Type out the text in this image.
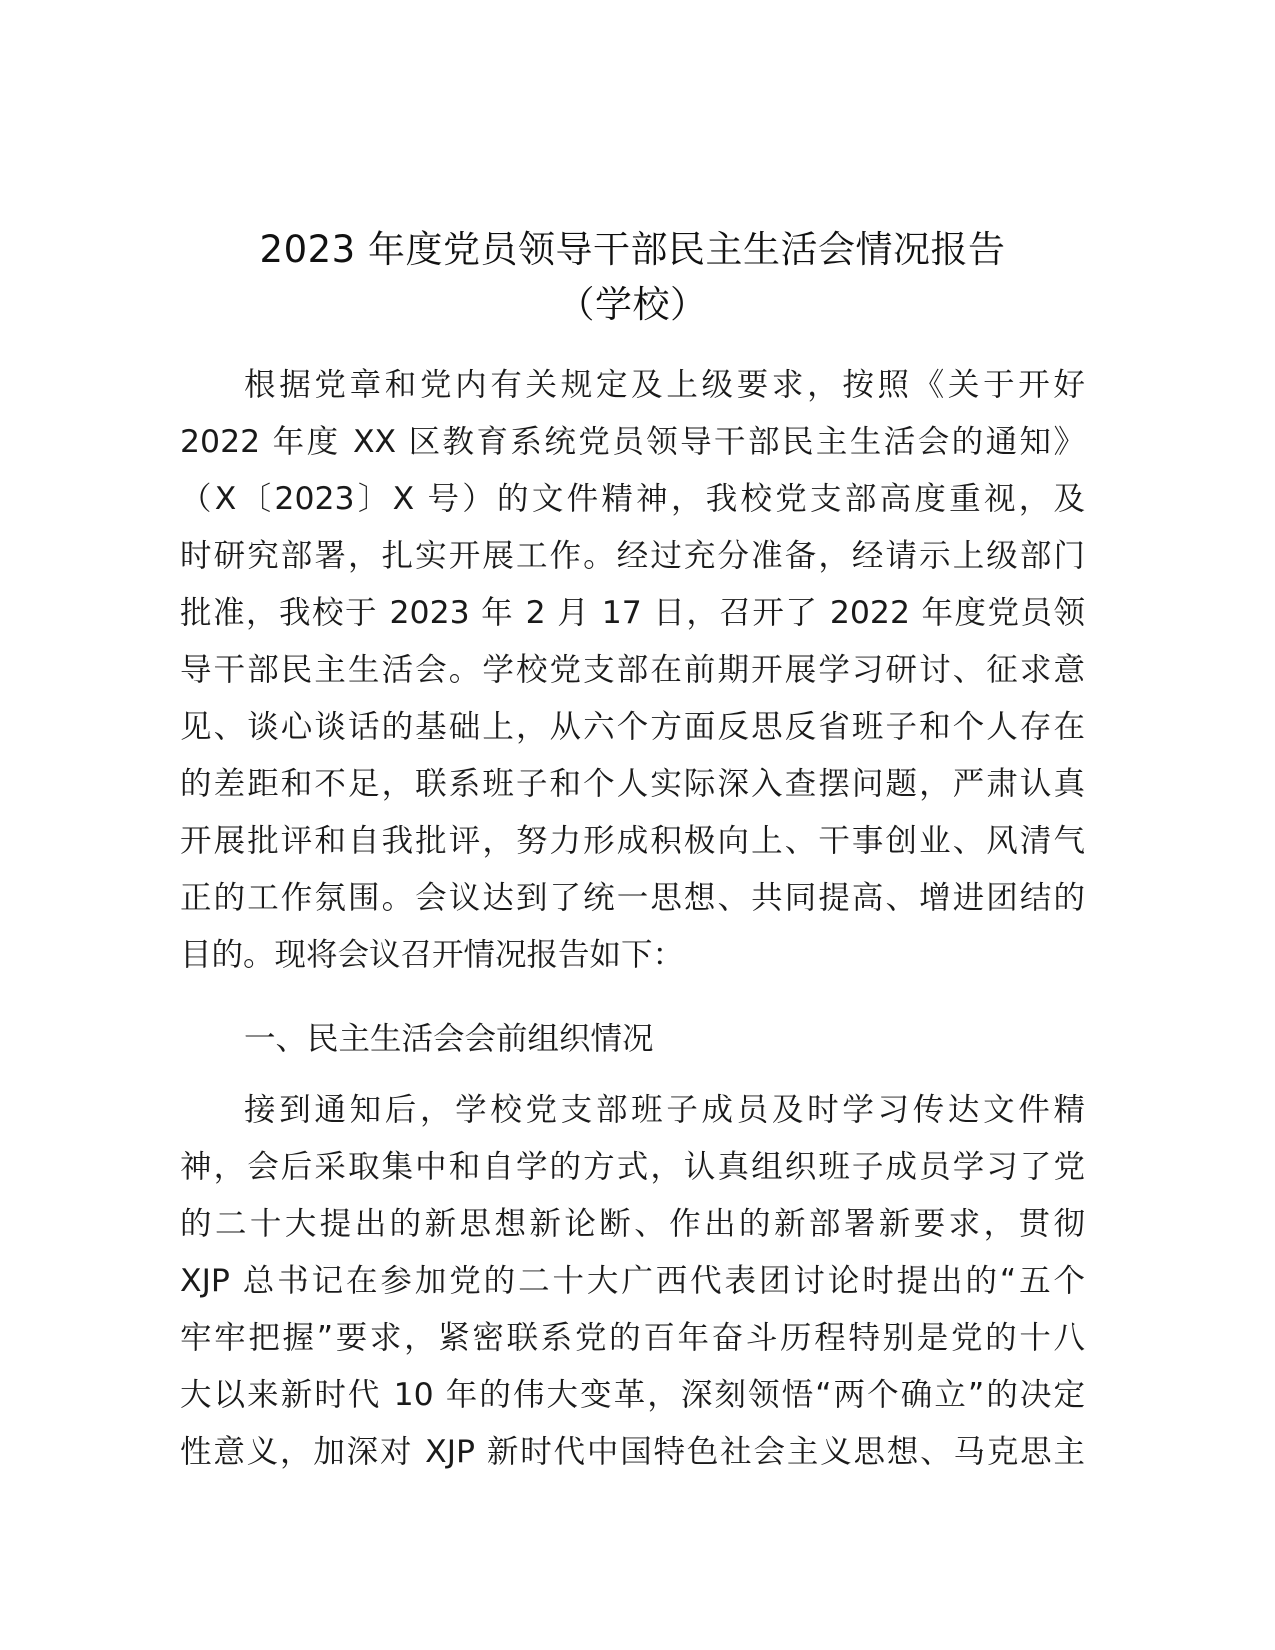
2023 年度党员领导干部民主生活会情况报告
（学校）
根据党章和党内有关规定及上级要求，按照《关于开好
2022 年度 XX 区教育系统党员领导干部民主生活会的通知》
（X〔2023〕X 号）的文件精神，我校党支部高度重视，及
时研究部署，扎实开展工作。经过充分准备，经请示上级部门
批准，我校于 2023 年 2 月 17 日，召开了 2022 年度党员领
导干部民主生活会。学校党支部在前期开展学习研讨、征求意
见、谈心谈话的基础上，从六个方面反思反省班子和个人存在
的差距和不足，联系班子和个人实际深入查摆问题，严肃认真
开展批评和自我批评，努力形成积极向上、干事创业、风清气
正的工作氛围。会议达到了统一思想、共同提高、增进团结的
目的。现将会议召开情况报告如下：
一、民主生活会会前组织情况
接到通知后，学校党支部班子成员及时学习传达文件精
神，会后采取集中和自学的方式，认真组织班子成员学习了党
的二十大提出的新思想新论断、作出的新部署新要求，贯彻
XJP 总书记在参加党的二十大广西代表团讨论时提出的“五个
牢牢把握”要求，紧密联系党的百年奋斗历程特别是党的十八
大以来新时代 10 年的伟大变革，深刻领悟“两个确立”的决定
性意义，加深对 XJP 新时代中国特色社会主义思想、马克思主
